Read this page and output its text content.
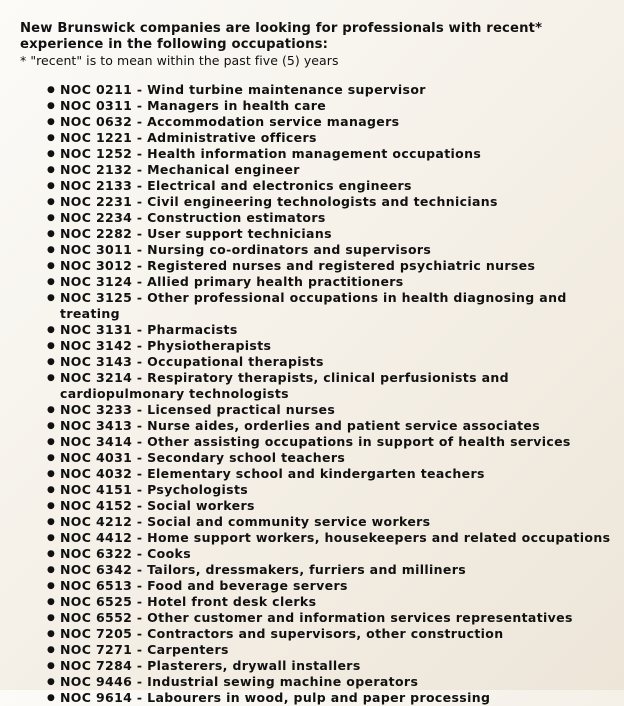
New Brunswick companies are looking for professionals with recent* experience in the following occupations:

* "recent" is to mean within the past five (5) years

● NOC 0211 - Wind turbine maintenance supervisor
● NOC 0311 - Managers in health care
● NOC 0632 - Accommodation service managers
● NOC 1221 - Administrative officers
● NOC 1252 - Health information management occupations
● NOC 2132 - Mechanical engineer
● NOC 2133 - Electrical and electronics engineers
● NOC 2231 - Civil engineering technologists and technicians
● NOC 2234 - Construction estimators
● NOC 2282 - User support technicians
● NOC 3011 - Nursing co-ordinators and supervisors
● NOC 3012 - Registered nurses and registered psychiatric nurses
● NOC 3124 - Allied primary health practitioners
● NOC 3125 - Other professional occupations in health diagnosing and treating
● NOC 3131 - Pharmacists
● NOC 3142 - Physiotherapists
● NOC 3143 - Occupational therapists
● NOC 3214 - Respiratory therapists, clinical perfusionists and cardiopulmonary technologists
● NOC 3233 - Licensed practical nurses
● NOC 3413 - Nurse aides, orderlies and patient service associates
● NOC 3414 - Other assisting occupations in support of health services
● NOC 4031 - Secondary school teachers
● NOC 4032 - Elementary school and kindergarten teachers
● NOC 4151 - Psychologists
● NOC 4152 - Social workers
● NOC 4212 - Social and community service workers
● NOC 4412 - Home support workers, housekeepers and related occupations
● NOC 6322 - Cooks
● NOC 6342 - Tailors, dressmakers, furriers and milliners
● NOC 6513 - Food and beverage servers
● NOC 6525 - Hotel front desk clerks
● NOC 6552 - Other customer and information services representatives
● NOC 7205 - Contractors and supervisors, other construction
● NOC 7271 - Carpenters
● NOC 7284 - Plasterers, drywall installers
● NOC 9446 - Industrial sewing machine operators
● NOC 9614 - Labourers in wood, pulp and paper processing
